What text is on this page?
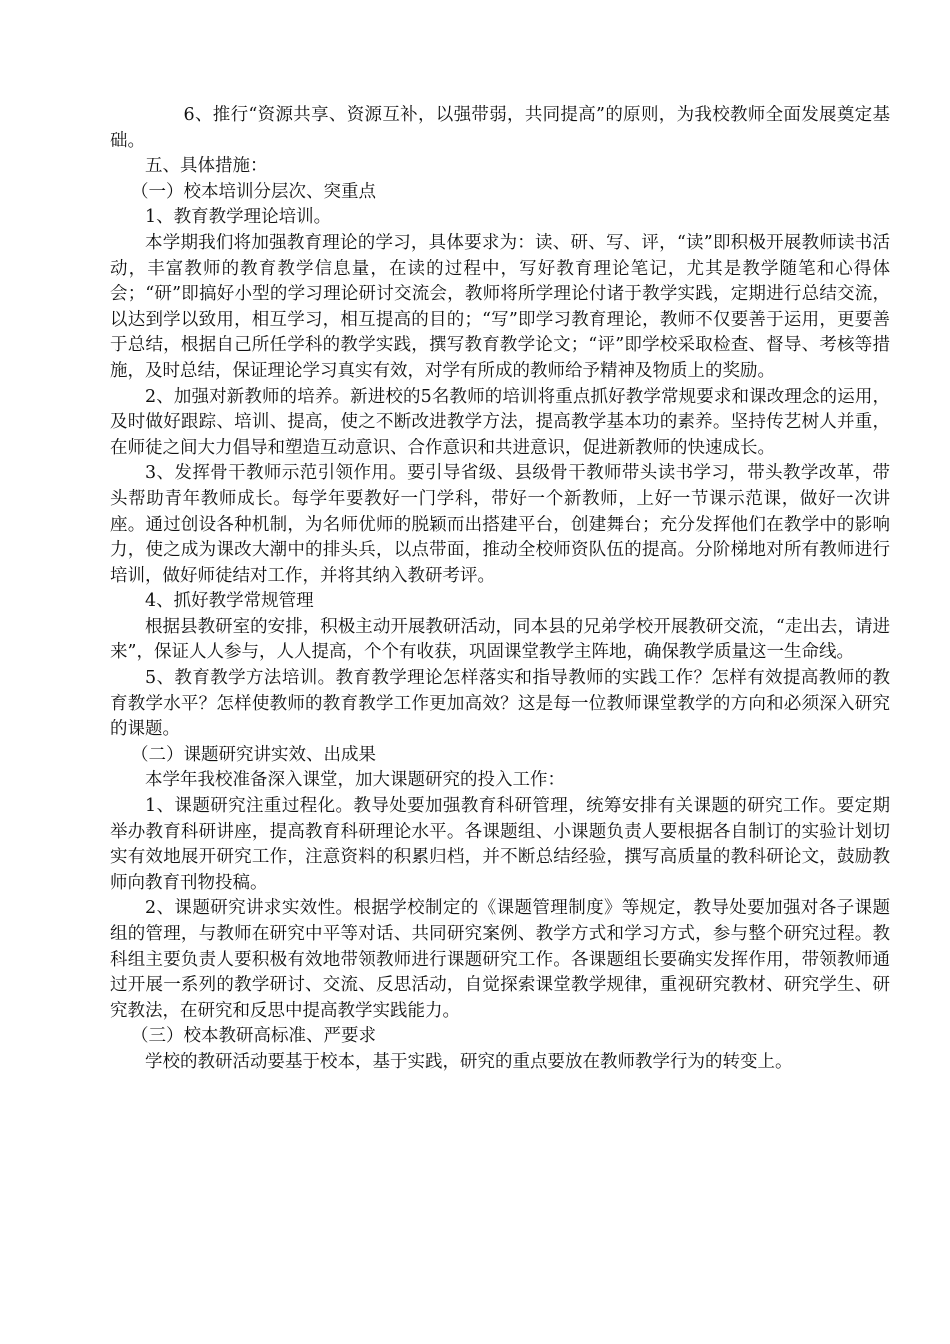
6、推行“资源共享、资源互补，以强带弱，共同提高”的原则，为我校教师全面发展奠定基础。

五、具体措施：

（一）校本培训分层次、突重点

1、教育教学理论培训。

本学期我们将加强教育理论的学习，具体要求为：读、研、写、评，“读”即积极开展教师读书活动，丰富教师的教育教学信息量，在读的过程中，写好教育理论笔记，尤其是教学随笔和心得体会；“研”即搞好小型的学习理论研讨交流会，教师将所学理论付诸于教学实践，定期进行总结交流，以达到学以致用，相互学习，相互提高的目的；“写”即学习教育理论，教师不仅要善于运用，更要善于总结，根据自己所任学科的教学实践，撰写教育教学论文；“评”即学校采取检查、督导、考核等措施，及时总结，保证理论学习真实有效，对学有所成的教师给予精神及物质上的奖励。

2、加强对新教师的培养。新进校的5名教师的培训将重点抓好教学常规要求和课改理念的运用，及时做好跟踪、培训、提高，使之不断改进教学方法，提高教学基本功的素养。坚持传艺树人并重，在师徒之间大力倡导和塑造互动意识、合作意识和共进意识，促进新教师的快速成长。

3、发挥骨干教师示范引领作用。要引导省级、县级骨干教师带头读书学习，带头教学改革，带头帮助青年教师成长。每学年要教好一门学科，带好一个新教师，上好一节课示范课，做好一次讲座。通过创设各种机制，为名师优师的脱颖而出搭建平台，创建舞台；充分发挥他们在教学中的影响力，使之成为课改大潮中的排头兵，以点带面，推动全校师资队伍的提高。分阶梯地对所有教师进行培训，做好师徒结对工作，并将其纳入教研考评。

4、抓好教学常规管理

根据县教研室的安排，积极主动开展教研活动，同本县的兄弟学校开展教研交流，“走出去，请进来”，保证人人参与，人人提高，个个有收获，巩固课堂教学主阵地，确保教学质量这一生命线。

5、教育教学方法培训。教育教学理论怎样落实和指导教师的实践工作？怎样有效提高教师的教育教学水平？怎样使教师的教育教学工作更加高效？这是每一位教师课堂教学的方向和必须深入研究的课题。

（二）课题研究讲实效、出成果

本学年我校准备深入课堂，加大课题研究的投入工作：

1、课题研究注重过程化。教导处要加强教育科研管理，统筹安排有关课题的研究工作。要定期举办教育科研讲座，提高教育科研理论水平。各课题组、小课题负责人要根据各自制订的实验计划切实有效地展开研究工作，注意资料的积累归档，并不断总结经验，撰写高质量的教科研论文，鼓励教师向教育刊物投稿。

2、课题研究讲求实效性。根据学校制定的《课题管理制度》等规定，教导处要加强对各子课题组的管理，与教师在研究中平等对话、共同研究案例、教学方式和学习方式，参与整个研究过程。教科组主要负责人要积极有效地带领教师进行课题研究工作。各课题组长要确实发挥作用，带领教师通过开展一系列的教学研讨、交流、反思活动，自觉探索课堂教学规律，重视研究教材、研究学生、研究教法，在研究和反思中提高教学实践能力。

（三）校本教研高标准、严要求

学校的教研活动要基于校本，基于实践，研究的重点要放在教师教学行为的转变上。
